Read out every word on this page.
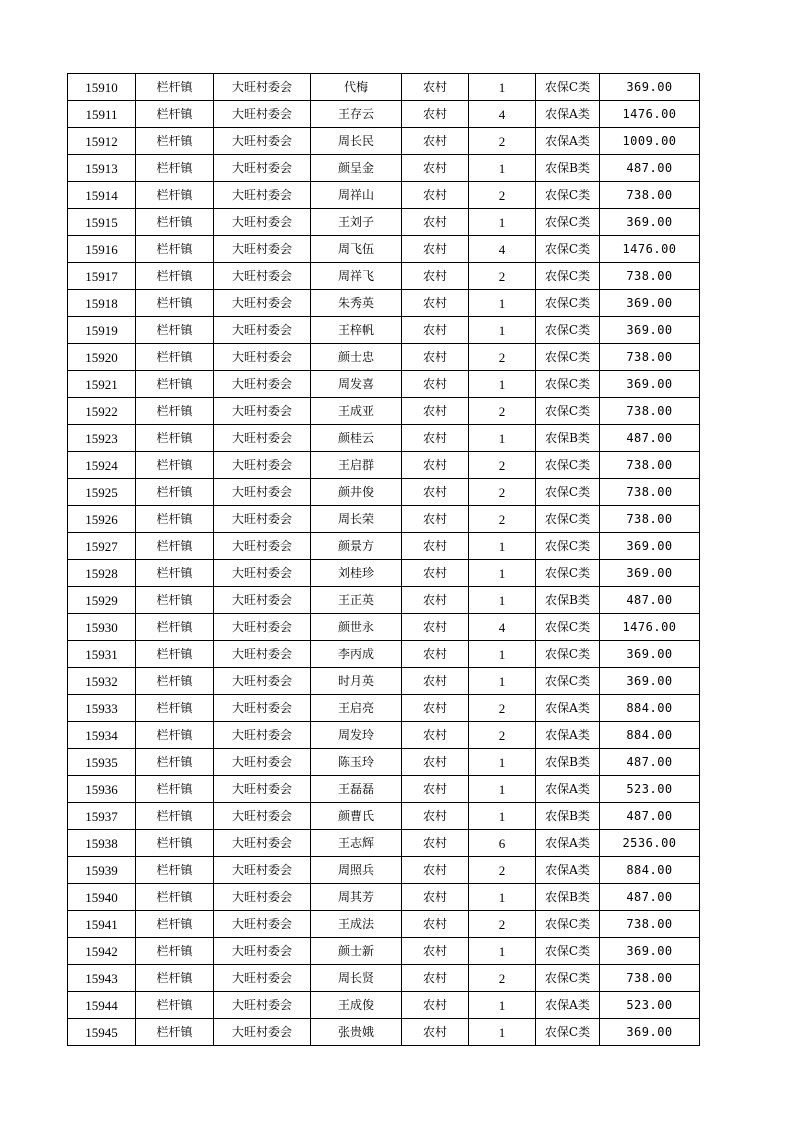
15910	栏杆镇	大旺村委会	代梅	农村	1	农保C类	369.00
15911	栏杆镇	大旺村委会	王存云	农村	4	农保A类	1476.00
15912	栏杆镇	大旺村委会	周长民	农村	2	农保A类	1009.00
15913	栏杆镇	大旺村委会	颜呈金	农村	1	农保B类	487.00
15914	栏杆镇	大旺村委会	周祥山	农村	2	农保C类	738.00
15915	栏杆镇	大旺村委会	王刘子	农村	1	农保C类	369.00
15916	栏杆镇	大旺村委会	周飞伍	农村	4	农保C类	1476.00
15917	栏杆镇	大旺村委会	周祥飞	农村	2	农保C类	738.00
15918	栏杆镇	大旺村委会	朱秀英	农村	1	农保C类	369.00
15919	栏杆镇	大旺村委会	王梓帆	农村	1	农保C类	369.00
15920	栏杆镇	大旺村委会	颜士忠	农村	2	农保C类	738.00
15921	栏杆镇	大旺村委会	周发喜	农村	1	农保C类	369.00
15922	栏杆镇	大旺村委会	王成亚	农村	2	农保C类	738.00
15923	栏杆镇	大旺村委会	颜桂云	农村	1	农保B类	487.00
15924	栏杆镇	大旺村委会	王启群	农村	2	农保C类	738.00
15925	栏杆镇	大旺村委会	颜井俊	农村	2	农保C类	738.00
15926	栏杆镇	大旺村委会	周长荣	农村	2	农保C类	738.00
15927	栏杆镇	大旺村委会	颜景方	农村	1	农保C类	369.00
15928	栏杆镇	大旺村委会	刘桂珍	农村	1	农保C类	369.00
15929	栏杆镇	大旺村委会	王正英	农村	1	农保B类	487.00
15930	栏杆镇	大旺村委会	颜世永	农村	4	农保C类	1476.00
15931	栏杆镇	大旺村委会	李丙成	农村	1	农保C类	369.00
15932	栏杆镇	大旺村委会	时月英	农村	1	农保C类	369.00
15933	栏杆镇	大旺村委会	王启亮	农村	2	农保A类	884.00
15934	栏杆镇	大旺村委会	周发玲	农村	2	农保A类	884.00
15935	栏杆镇	大旺村委会	陈玉玲	农村	1	农保B类	487.00
15936	栏杆镇	大旺村委会	王磊磊	农村	1	农保A类	523.00
15937	栏杆镇	大旺村委会	颜曹氏	农村	1	农保B类	487.00
15938	栏杆镇	大旺村委会	王志辉	农村	6	农保A类	2536.00
15939	栏杆镇	大旺村委会	周照兵	农村	2	农保A类	884.00
15940	栏杆镇	大旺村委会	周其芳	农村	1	农保B类	487.00
15941	栏杆镇	大旺村委会	王成法	农村	2	农保C类	738.00
15942	栏杆镇	大旺村委会	颜士新	农村	1	农保C类	369.00
15943	栏杆镇	大旺村委会	周长贤	农村	2	农保C类	738.00
15944	栏杆镇	大旺村委会	王成俊	农村	1	农保A类	523.00
15945	栏杆镇	大旺村委会	张贵娥	农村	1	农保C类	369.00
